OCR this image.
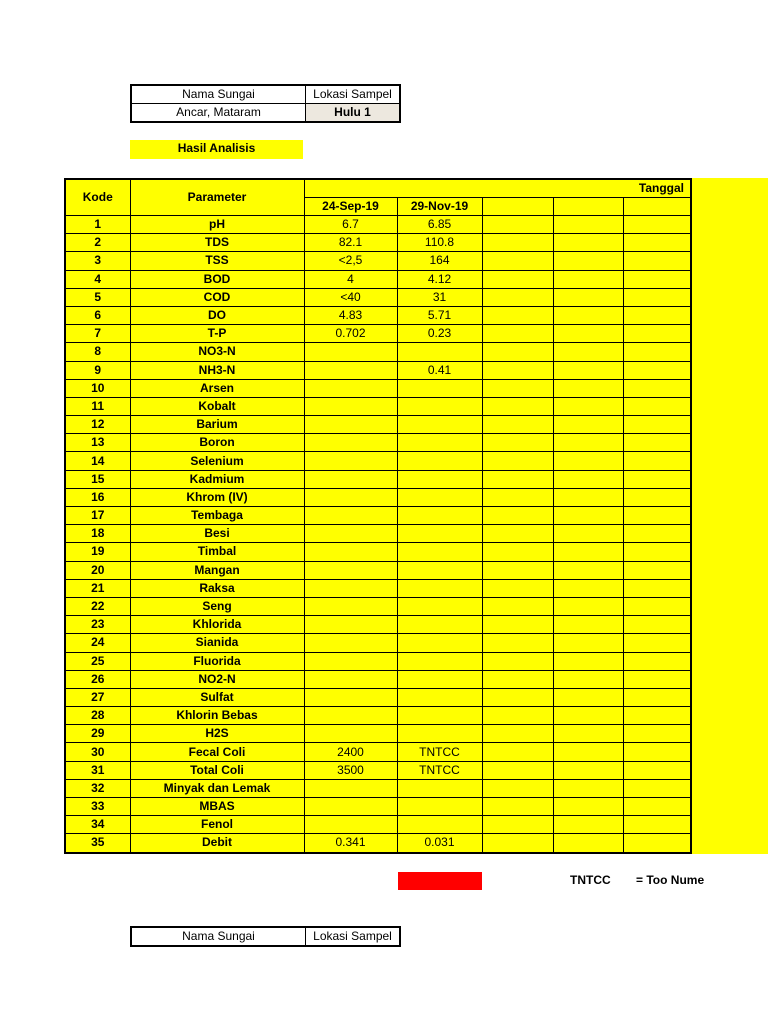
Nama Sungai	Lokasi Sampel
Ancar, Mataram	Hulu 1
Hasil Analisis
Kode	Parameter	Tanggal				
		24-Sep-19	29-Nov-19			
1	pH	6.7	6.85			
2	TDS	82.1	110.8			
3	TSS	<2,5	164			
4	BOD	4	4.12			
5	COD	<40	31			
6	DO	4.83	5.71			
7	T-P	0.702	0.23			
8	NO3-N					
9	NH3-N		0.41			
10	Arsen					
11	Kobalt					
12	Barium					
13	Boron					
14	Selenium					
15	Kadmium					
16	Khrom (IV)					
17	Tembaga					
18	Besi					
19	Timbal					
20	Mangan					
21	Raksa					
22	Seng					
23	Khlorida					
24	Sianida					
25	Fluorida					
26	NO2-N					
27	Sulfat					
28	Khlorin Bebas					
29	H2S					
30	Fecal Coli	2400	TNTCC			
31	Total Coli	3500	TNTCC			
32	Minyak dan Lemak					
33	MBAS					
34	Fenol					
35	Debit	0.341	0.031			
TNTCC = Too Nume
Nama Sungai	Lokasi Sampel
